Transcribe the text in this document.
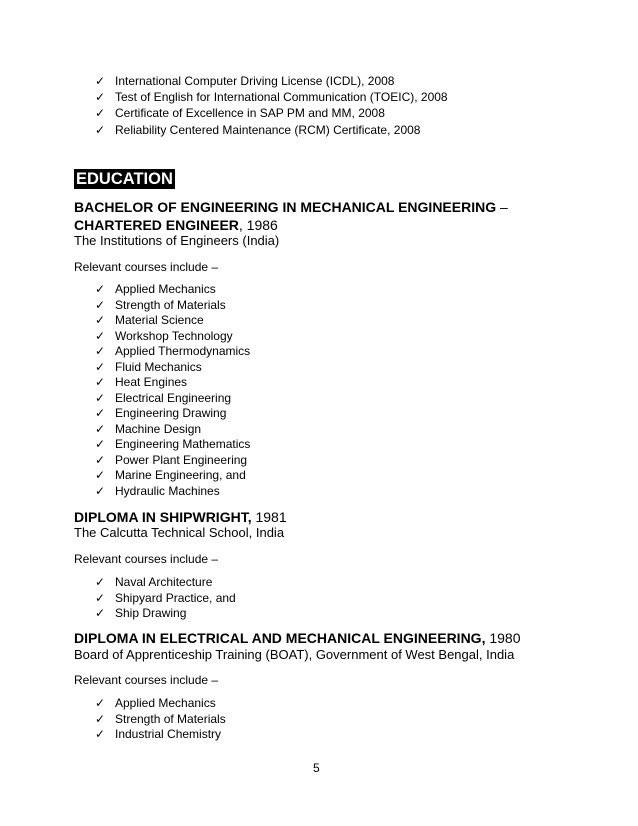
✓ International Computer Driving License (ICDL), 2008
✓ Test of English for International Communication (TOEIC), 2008
✓ Certificate of Excellence in SAP PM and MM, 2008
✓ Reliability Centered Maintenance (RCM) Certificate, 2008
EDUCATION
BACHELOR OF ENGINEERING IN MECHANICAL ENGINEERING –
CHARTERED ENGINEER, 1986
The Institutions of Engineers (India)
Relevant courses include –
✓ Applied Mechanics
✓ Strength of Materials
✓ Material Science
✓ Workshop Technology
✓ Applied Thermodynamics
✓ Fluid Mechanics
✓ Heat Engines
✓ Electrical Engineering
✓ Engineering Drawing
✓ Machine Design
✓ Engineering Mathematics
✓ Power Plant Engineering
✓ Marine Engineering, and
✓ Hydraulic Machines
DIPLOMA IN SHIPWRIGHT, 1981
The Calcutta Technical School, India
Relevant courses include –
✓ Naval Architecture
✓ Shipyard Practice, and
✓ Ship Drawing
DIPLOMA IN ELECTRICAL AND MECHANICAL ENGINEERING, 1980
Board of Apprenticeship Training (BOAT), Government of West Bengal, India
Relevant courses include –
✓ Applied Mechanics
✓ Strength of Materials
✓ Industrial Chemistry
5
